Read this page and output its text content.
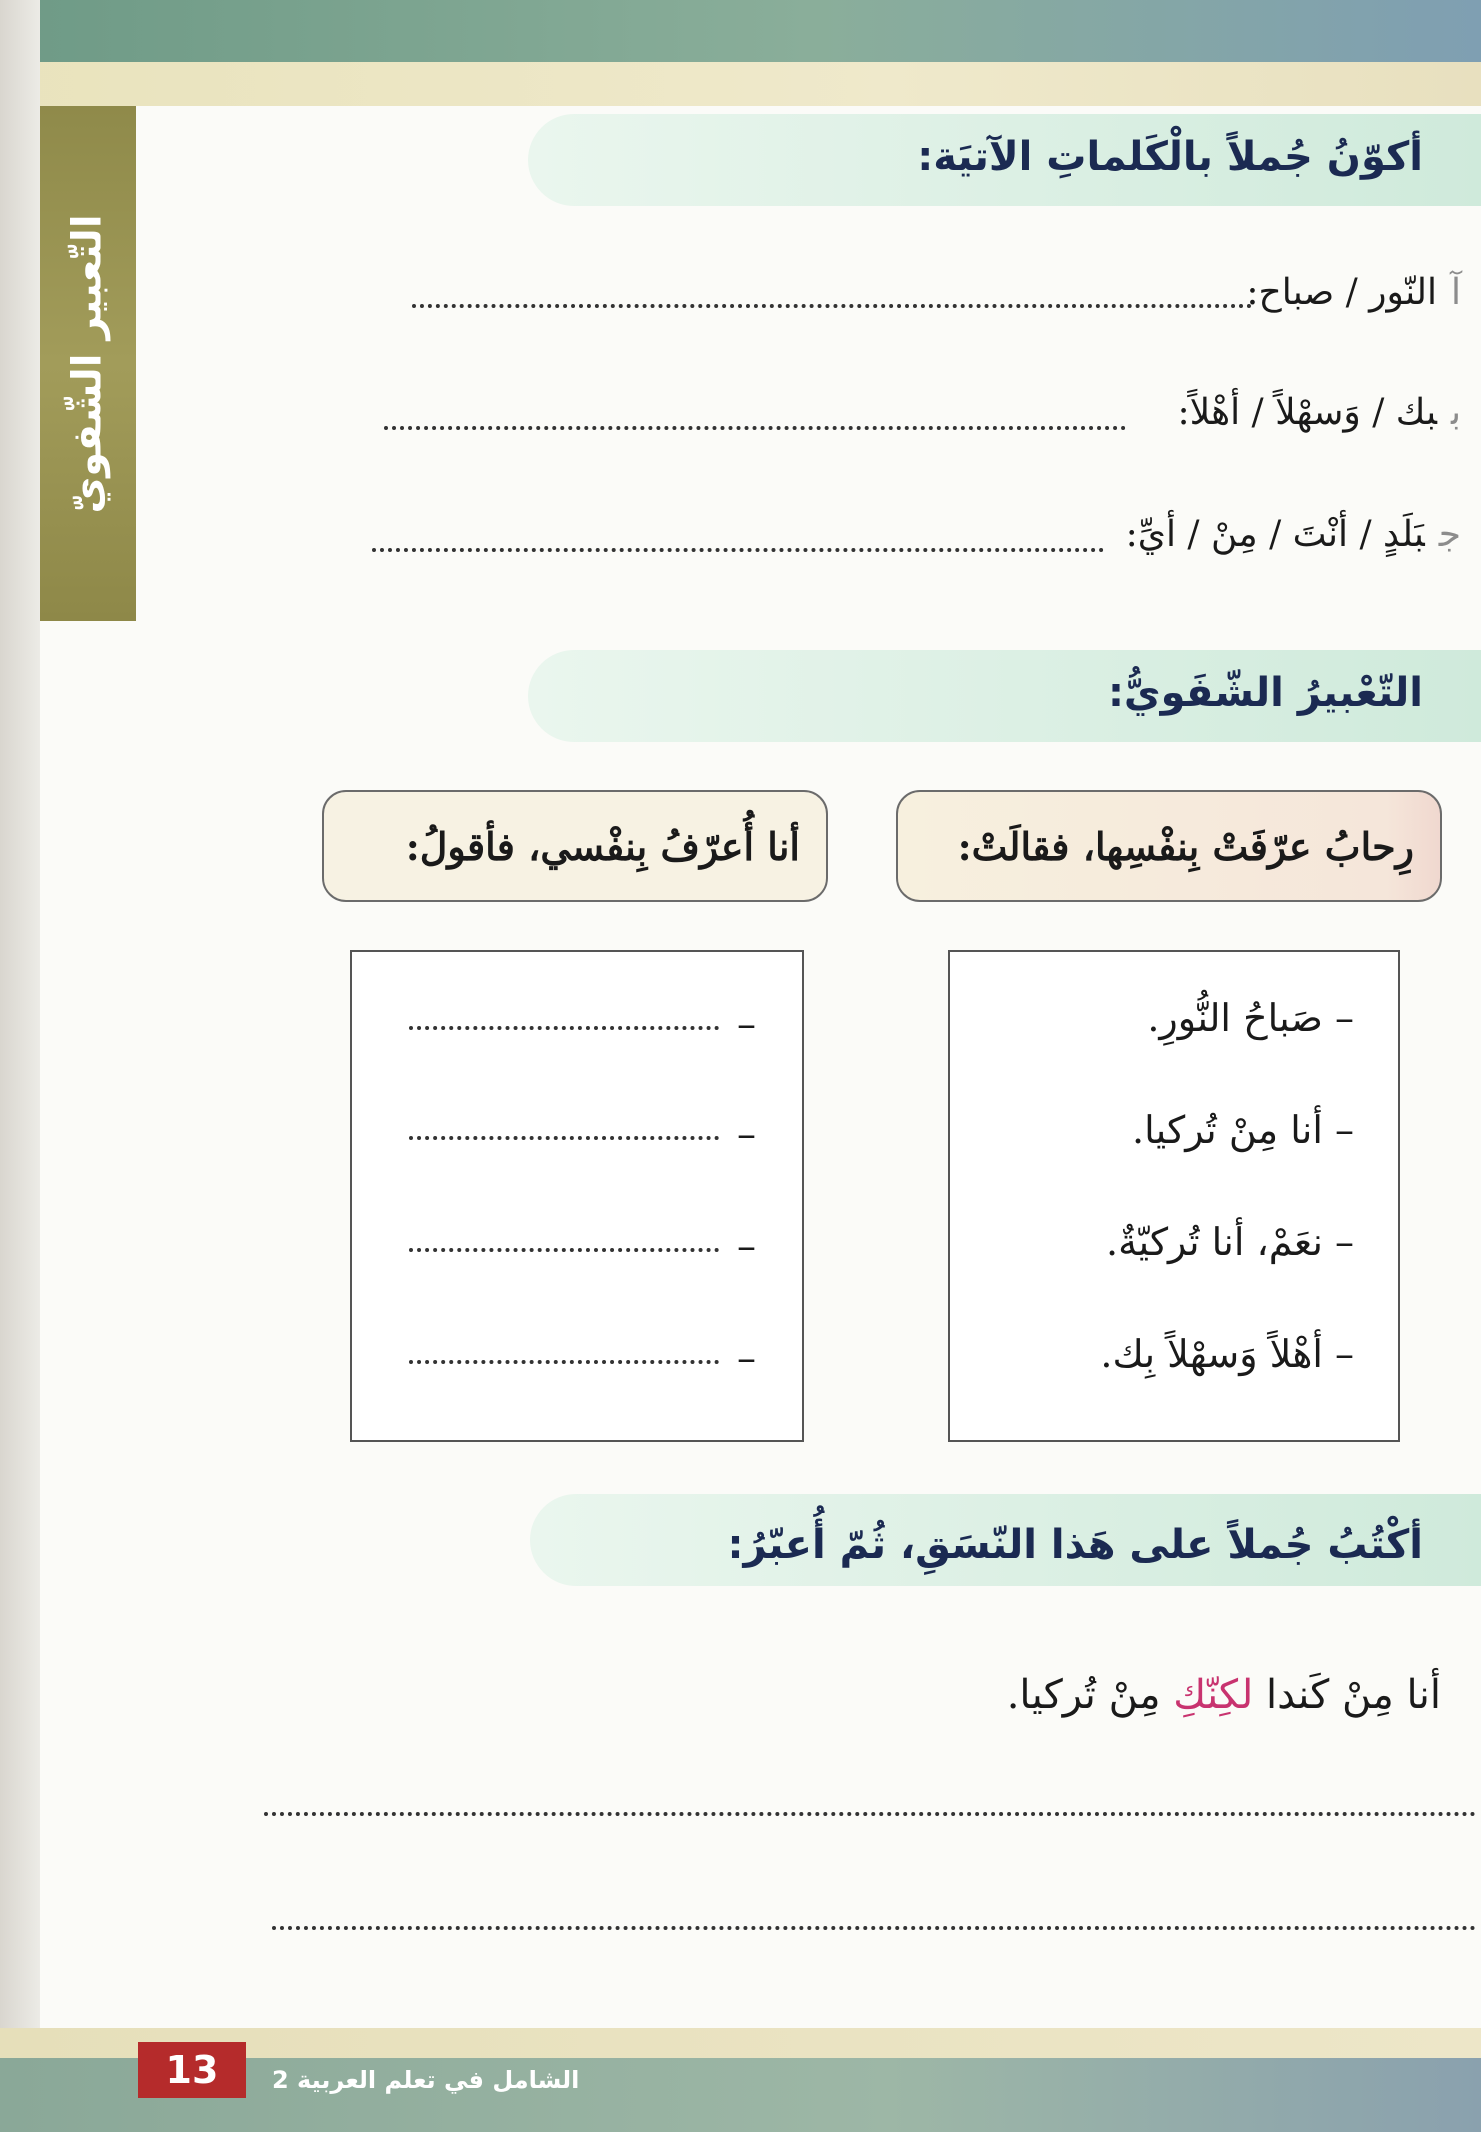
التّعبير الشّفويّ
أكوّنُ جُملاً بالْكَلماتِ الآتيَة:
آالنّور / صباح:
ببك / وَسهْلاً / أهْلاً:
جبَلَدٍ / أنْتَ / مِنْ / أيِّ:
التّعْبيرُ الشّفَويُّ:
رِحابُ عرّفَتْ بِنفْسِها، فقالَتْ:
أنا أُعرّفُ بِنفْسي، فأقولُ:
– صَباحُ النُّورِ.
– أنا مِنْ تُركيا.
– نعَمْ، أنا تُركيّةٌ.
– أهْلاً وَسهْلاً بِك.
–
–
–
–
أكْتُبُ جُملاً على هَذا النّسَقِ، ثُمّ أُعبّرُ:
أنا مِنْ كَندا لكِنّكِ مِنْ تُركيا.
13	الشامل في تعلم العربية 2
